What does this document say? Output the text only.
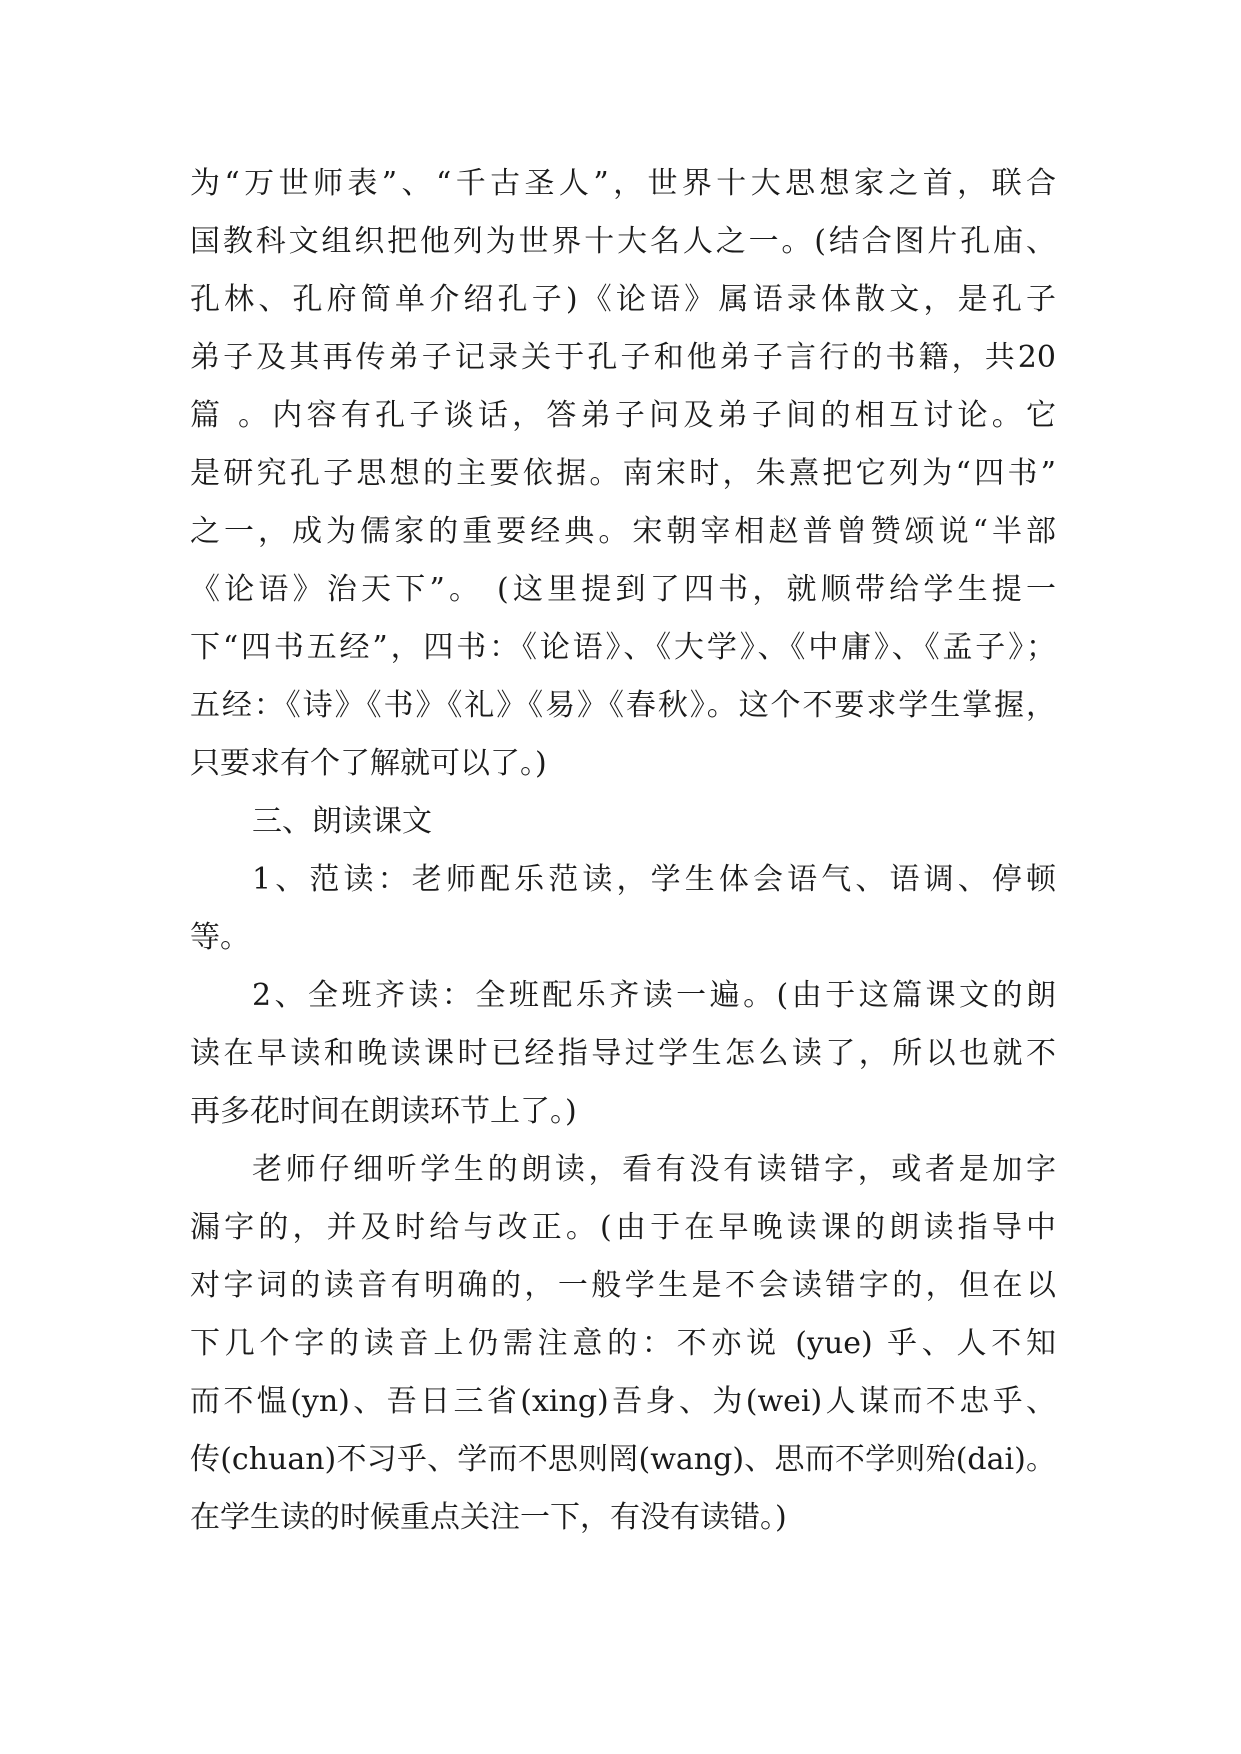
为“万世师表”、“千古圣人”，世界十大思想家之首，联合
国教科文组织把他列为世界十大名人之一。(结合图片孔庙、
孔林、孔府简单介绍孔子)《论语》属语录体散文，是孔子
弟子及其再传弟子记录关于孔子和他弟子言行的书籍，共20
篇 。内容有孔子谈话，答弟子问及弟子间的相互讨论。它
是研究孔子思想的主要依据。南宋时，朱熹把它列为“四书”
之一，成为儒家的重要经典。宋朝宰相赵普曾赞颂说“半部
《论语》治天下”。 (这里提到了四书，就顺带给学生提一
下“四书五经”，四书：《论语》、《大学》、《中庸》、《孟子》；
五经：《诗》《书》《礼》《易》《春秋》。这个不要求学生掌握，
只要求有个了解就可以了。)
三、朗读课文
1、范读：老师配乐范读，学生体会语气、语调、停顿
等。
2、全班齐读：全班配乐齐读一遍。(由于这篇课文的朗
读在早读和晚读课时已经指导过学生怎么读了，所以也就不
再多花时间在朗读环节上了。)
老师仔细听学生的朗读，看有没有读错字，或者是加字
漏字的，并及时给与改正。(由于在早晚读课的朗读指导中
对字词的读音有明确的，一般学生是不会读错字的，但在以
下几个字的读音上仍需注意的：不亦说 (yue) 乎、人不知
而不愠(yn)、吾日三省(xing)吾身、为(wei)人谋而不忠乎、
传(chuan)不习乎、学而不思则罔(wang)、思而不学则殆(dai)。
在学生读的时候重点关注一下，有没有读错。)
